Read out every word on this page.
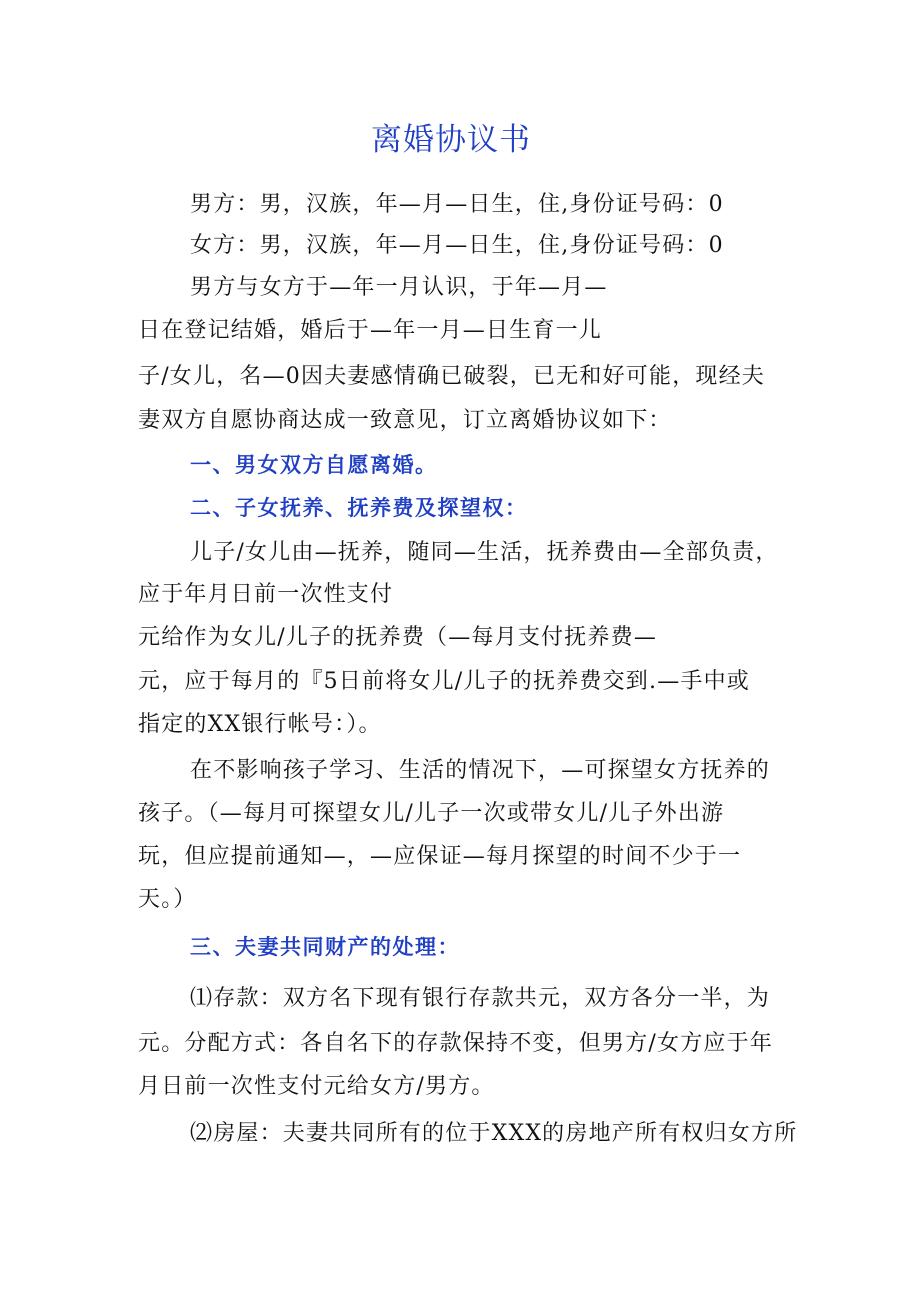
离婚协议书
男方：男，汉族，年—月—日生，住,身份证号码：0
女方：男，汉族，年—月—日生，住,身份证号码：0
男方与女方于—年一月认识，于年—月—
日在登记结婚，婚后于—年一月—日生育一儿
子/女儿，名—0因夫妻感情确已破裂，已无和好可能，现经夫
妻双方自愿协商达成一致意见，订立离婚协议如下：
一、男女双方自愿离婚。
二、子女抚养、抚养费及探望权：
儿子/女儿由—抚养，随同—生活，抚养费由—全部负责，
应于年月日前一次性支付
元给作为女儿/儿子的抚养费（—每月支付抚养费—
元，应于每月的『5日前将女儿/儿子的抚养费交到.—手中或
指定的XX银行帐号：）。
在不影响孩子学习、生活的情况下，—可探望女方抚养的
孩子。（—每月可探望女儿/儿子一次或带女儿/儿子外出游
玩，但应提前通知—，—应保证—每月探望的时间不少于一
天。）
三、夫妻共同财产的处理：
⑴存款：双方名下现有银行存款共元，双方各分一半，为
元。分配方式：各自名下的存款保持不变，但男方/女方应于年
月日前一次性支付元给女方/男方。
⑵房屋：夫妻共同所有的位于XXX的房地产所有权归女方所
